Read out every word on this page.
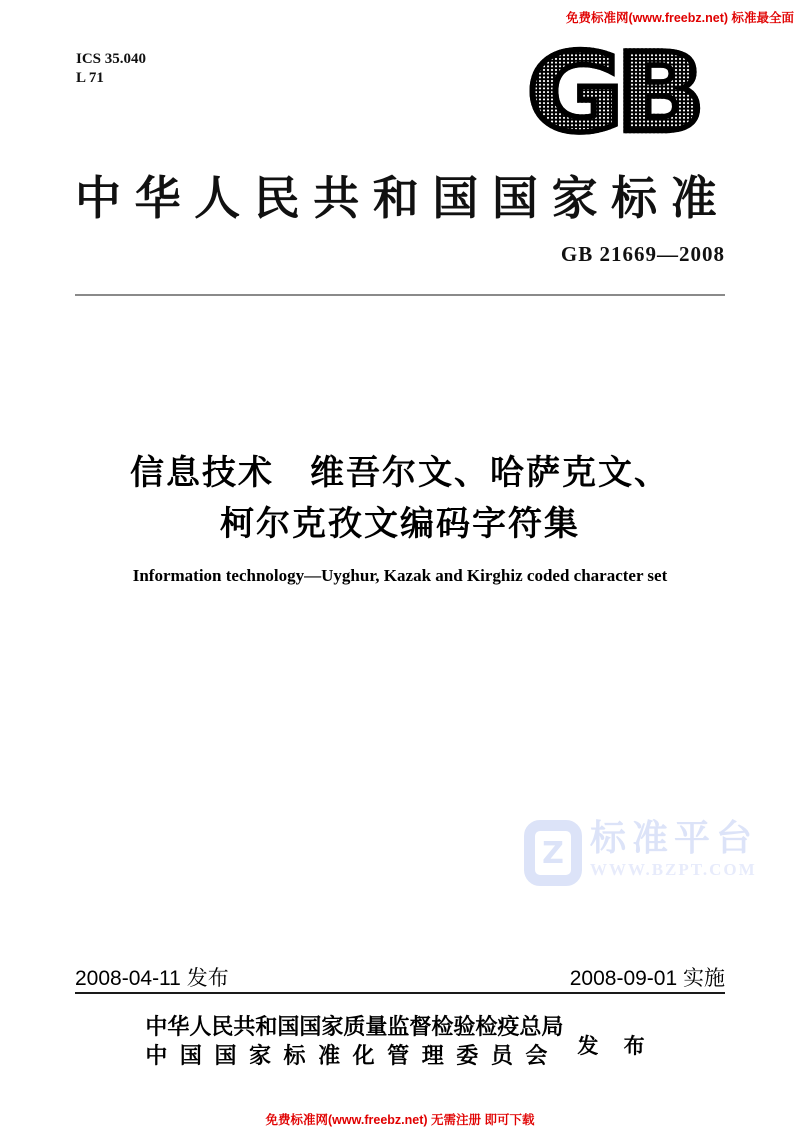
免费标准网(www.freebz.net) 标准最全面
ICS 35.040
L 71	GB
中华人民共和国国家标准
GB 21669—2008
信息技术　维吾尔文、哈萨克文、
柯尔克孜文编码字符集
Information technology—Uyghur, Kazak and Kirghiz coded character set
Z 标准平台
WWW.BZPT.COM
2008-04-11 发布	2008-09-01 实施
中华人民共和国国家质量监督检验检疫总局
中国国家标准化管理委员会 发 布
免费标准网(www.freebz.net) 无需注册 即可下载
